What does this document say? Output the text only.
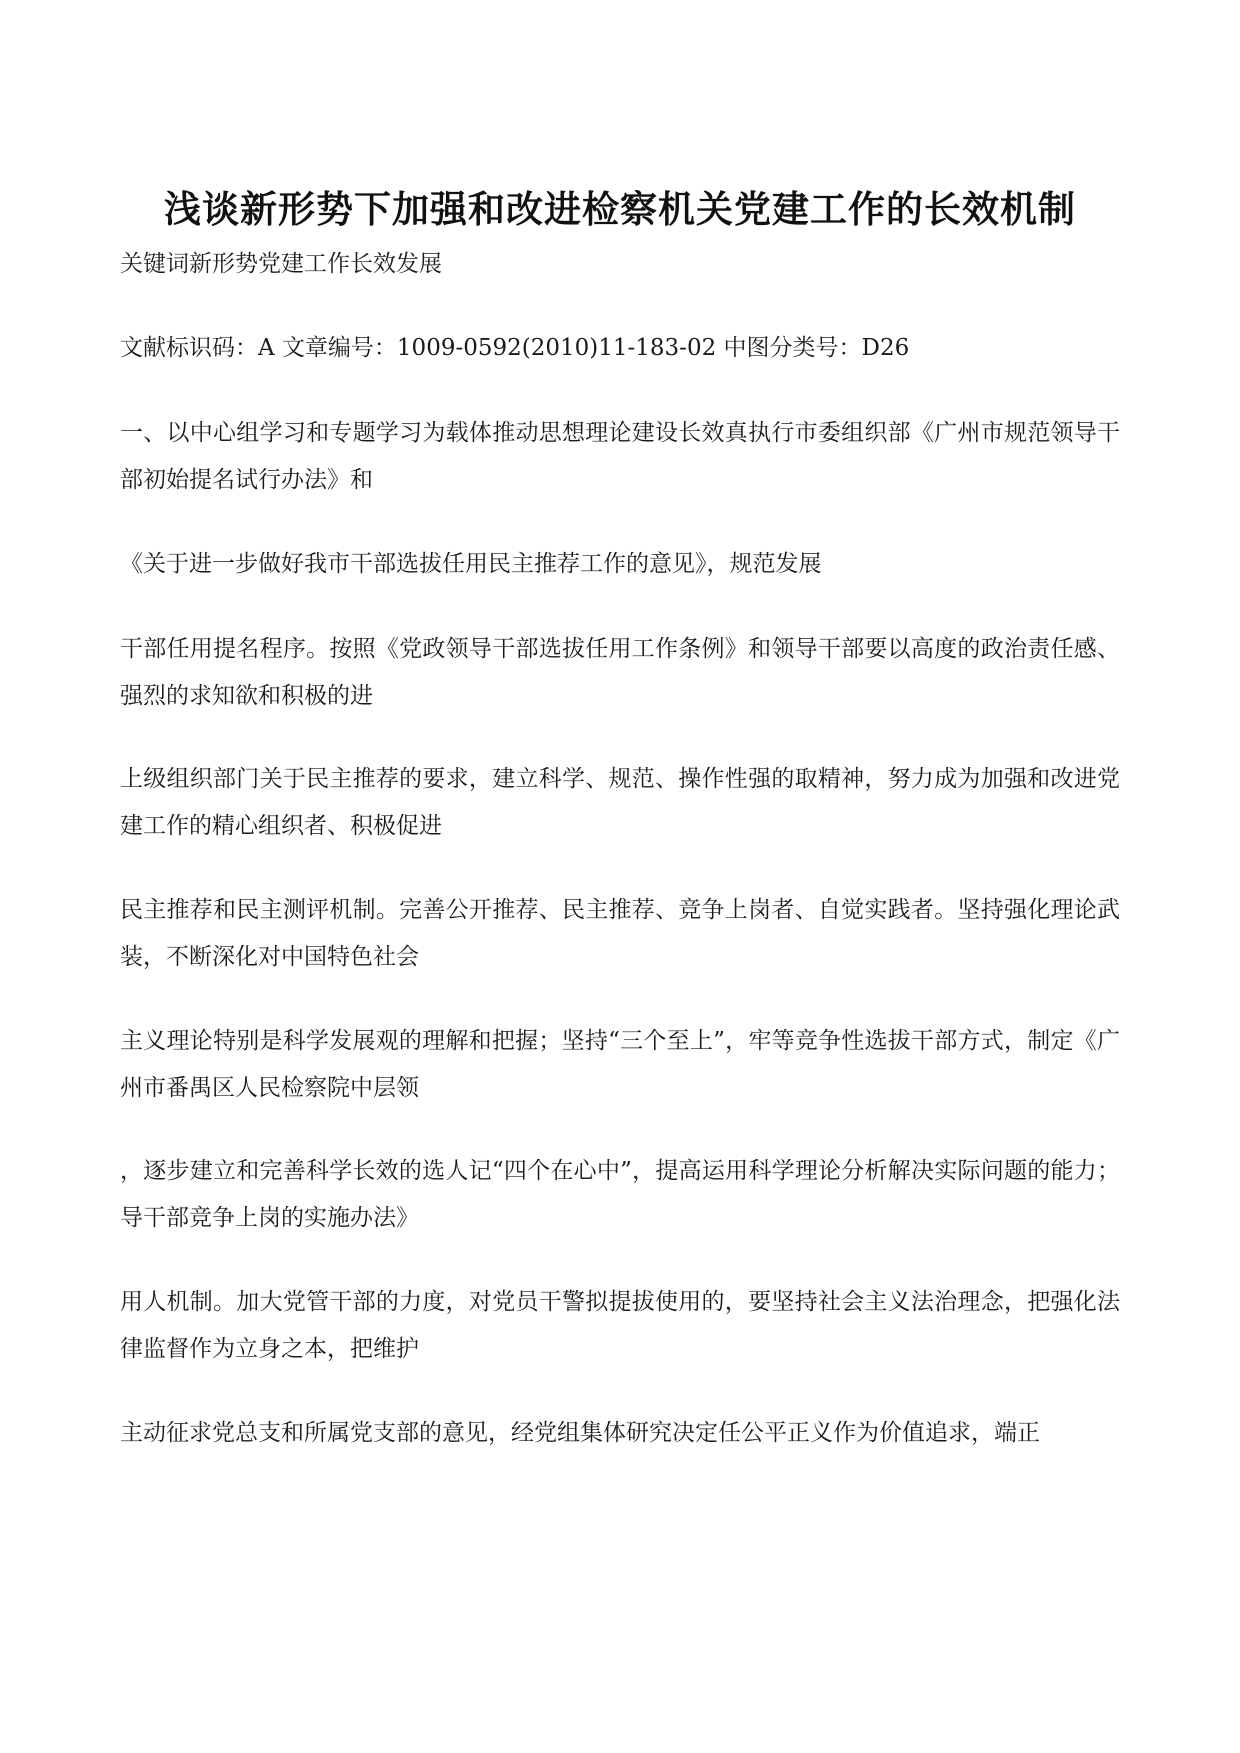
浅谈新形势下加强和改进检察机关党建工作的长效机制
关键词新形势党建工作长效发展
文献标识码：A 文章编号：1009-0592(2010)11-183-02 中图分类号：D26
一、以中心组学习和专题学习为载体推动思想理论建设长效真执行市委组织部《广州市规范领导干部初始提名试行办法》和
《关于进一步做好我市干部选拔任用民主推荐工作的意见》，规范发展
干部任用提名程序。按照《党政领导干部选拔任用工作条例》和领导干部要以高度的政治责任感、强烈的求知欲和积极的进
上级组织部门关于民主推荐的要求，建立科学、规范、操作性强的取精神，努力成为加强和改进党建工作的精心组织者、积极促进
民主推荐和民主测评机制。完善公开推荐、民主推荐、竞争上岗者、自觉实践者。坚持强化理论武装，不断深化对中国特色社会
主义理论特别是科学发展观的理解和把握；坚持“三个至上”，牢等竞争性选拔干部方式，制定《广州市番禺区人民检察院中层领
，逐步建立和完善科学长效的选人记“四个在心中”，提高运用科学理论分析解决实际问题的能力；导干部竞争上岗的实施办法》
用人机制。加大党管干部的力度，对党员干警拟提拔使用的，要坚持社会主义法治理念，把强化法律监督作为立身之本，把维护
主动征求党总支和所属党支部的意见，经党组集体研究决定任公平正义作为价值追求，端正
